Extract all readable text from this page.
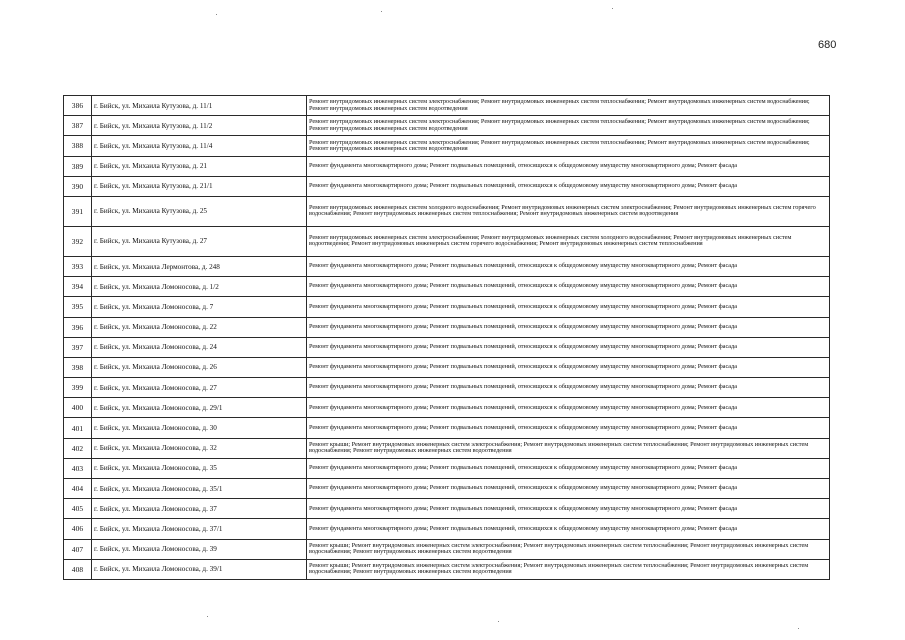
680
386	г. Бийск, ул. Михаила Кутузова, д. 11/1	Ремонт внутридомовых инженерных систем электроснабжения; Ремонт внутридомовых инженерных систем теплоснабжения; Ремонт внутридомовых инженерных систем водоснабжения; Ремонт внутридомовых инженерных систем водоотведения
387	г. Бийск, ул. Михаила Кутузова, д. 11/2	Ремонт внутридомовых инженерных систем электроснабжения; Ремонт внутридомовых инженерных систем теплоснабжения; Ремонт внутридомовых инженерных систем водоснабжения; Ремонт внутридомовых инженерных систем водоотведения
388	г. Бийск, ул. Михаила Кутузова, д. 11/4	Ремонт внутридомовых инженерных систем электроснабжения; Ремонт внутридомовых инженерных систем теплоснабжения; Ремонт внутридомовых инженерных систем водоснабжения; Ремонт внутридомовых инженерных систем водоотведения
389	г. Бийск, ул. Михаила Кутузова, д. 21	Ремонт фундамента многоквартирного дома; Ремонт подвальных помещений, относящихся к общедомовому имуществу многоквартирного дома; Ремонт фасада
390	г. Бийск, ул. Михаила Кутузова, д. 21/1	Ремонт фундамента многоквартирного дома; Ремонт подвальных помещений, относящихся к общедомовому имуществу многоквартирного дома; Ремонт фасада
391	г. Бийск, ул. Михаила Кутузова, д. 25	Ремонт внутридомовых инженерных систем холодного водоснабжения; Ремонт внутридомовых инженерных систем электроснабжения; Ремонт внутридомовых инженерных систем горячего водоснабжения; Ремонт внутридомовых инженерных систем теплоснабжения; Ремонт внутридомовых инженерных систем водоотведения
392	г. Бийск, ул. Михаила Кутузова, д. 27	Ремонт внутридомовых инженерных систем электроснабжения; Ремонт внутридомовых инженерных систем холодного водоснабжения; Ремонт внутридомовых инженерных систем водоотведения; Ремонт внутридомовых инженерных систем горячего водоснабжения; Ремонт внутридомовых инженерных систем теплоснабжения
393	г. Бийск, ул. Михаила Лермонтова, д. 248	Ремонт фундамента многоквартирного дома; Ремонт подвальных помещений, относящихся к общедомовому имуществу многоквартирного дома; Ремонт фасада
394	г. Бийск, ул. Михаила Ломоносова, д. 1/2	Ремонт фундамента многоквартирного дома; Ремонт подвальных помещений, относящихся к общедомовому имуществу многоквартирного дома; Ремонт фасада
395	г. Бийск, ул. Михаила Ломоносова, д. 7	Ремонт фундамента многоквартирного дома; Ремонт подвальных помещений, относящихся к общедомовому имуществу многоквартирного дома; Ремонт фасада
396	г. Бийск, ул. Михаила Ломоносова, д. 22	Ремонт фундамента многоквартирного дома; Ремонт подвальных помещений, относящихся к общедомовому имуществу многоквартирного дома; Ремонт фасада
397	г. Бийск, ул. Михаила Ломоносова, д. 24	Ремонт фундамента многоквартирного дома; Ремонт подвальных помещений, относящихся к общедомовому имуществу многоквартирного дома; Ремонт фасада
398	г. Бийск, ул. Михаила Ломоносова, д. 26	Ремонт фундамента многоквартирного дома; Ремонт подвальных помещений, относящихся к общедомовому имуществу многоквартирного дома; Ремонт фасада
399	г. Бийск, ул. Михаила Ломоносова, д. 27	Ремонт фундамента многоквартирного дома; Ремонт подвальных помещений, относящихся к общедомовому имуществу многоквартирного дома; Ремонт фасада
400	г. Бийск, ул. Михаила Ломоносова, д. 29/1	Ремонт фундамента многоквартирного дома; Ремонт подвальных помещений, относящихся к общедомовому имуществу многоквартирного дома; Ремонт фасада
401	г. Бийск, ул. Михаила Ломоносова, д. 30	Ремонт фундамента многоквартирного дома; Ремонт подвальных помещений, относящихся к общедомовому имуществу многоквартирного дома; Ремонт фасада
402	г. Бийск, ул. Михаила Ломоносова, д. 32	Ремонт крыши; Ремонт внутридомовых инженерных систем электроснабжения; Ремонт внутридомовых инженерных систем теплоснабжения; Ремонт внутридомовых инженерных систем водоснабжения; Ремонт внутридомовых инженерных систем водоотведения
403	г. Бийск, ул. Михаила Ломоносова, д. 35	Ремонт фундамента многоквартирного дома; Ремонт подвальных помещений, относящихся к общедомовому имуществу многоквартирного дома; Ремонт фасада
404	г. Бийск, ул. Михаила Ломоносова, д. 35/1	Ремонт фундамента многоквартирного дома; Ремонт подвальных помещений, относящихся к общедомовому имуществу многоквартирного дома; Ремонт фасада
405	г. Бийск, ул. Михаила Ломоносова, д. 37	Ремонт фундамента многоквартирного дома; Ремонт подвальных помещений, относящихся к общедомовому имуществу многоквартирного дома; Ремонт фасада
406	г. Бийск, ул. Михаила Ломоносова, д. 37/1	Ремонт фундамента многоквартирного дома; Ремонт подвальных помещений, относящихся к общедомовому имуществу многоквартирного дома; Ремонт фасада
407	г. Бийск, ул. Михаила Ломоносова, д. 39	Ремонт крыши; Ремонт внутридомовых инженерных систем электроснабжения; Ремонт внутридомовых инженерных систем теплоснабжения; Ремонт внутридомовых инженерных систем водоснабжения; Ремонт внутридомовых инженерных систем водоотведения
408	г. Бийск, ул. Михаила Ломоносова, д. 39/1	Ремонт крыши; Ремонт внутридомовых инженерных систем электроснабжения; Ремонт внутридомовых инженерных систем теплоснабжения; Ремонт внутридомовых инженерных систем водоснабжения; Ремонт внутридомовых инженерных систем водоотведения
